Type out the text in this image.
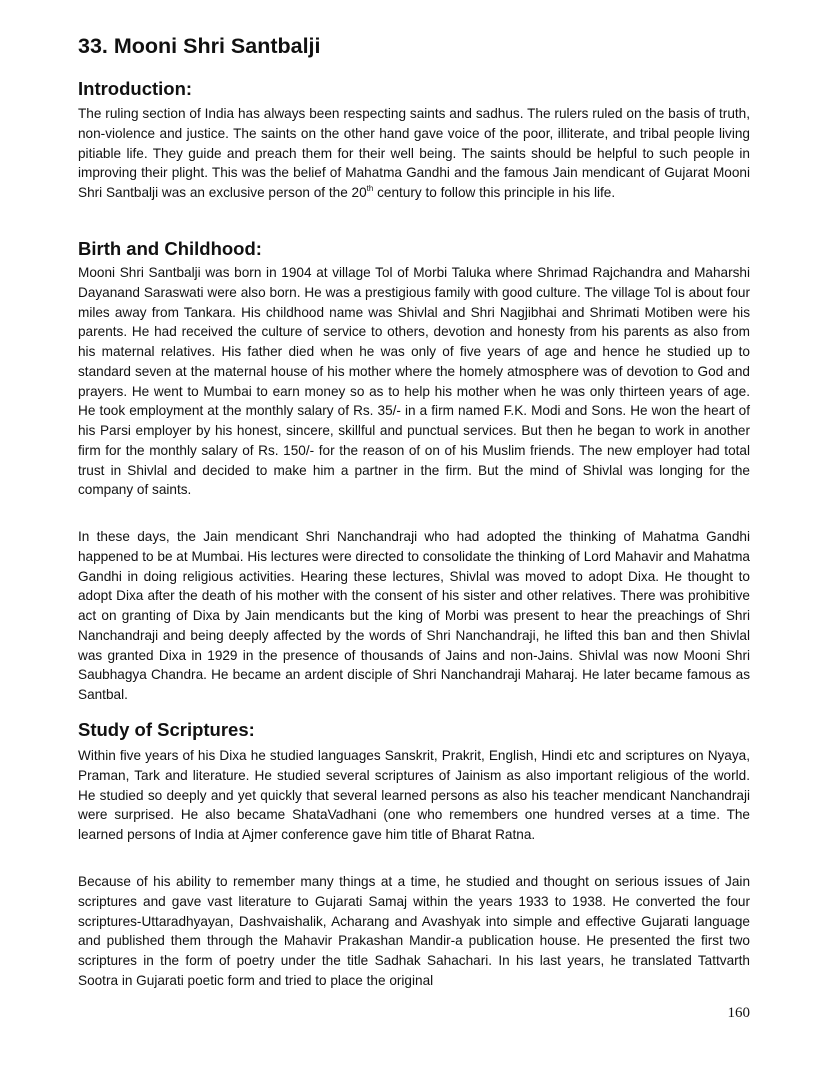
33. Mooni Shri Santbalji
Introduction:

The ruling section of India has always been respecting saints and sadhus. The rulers ruled on the basis of truth, non-violence and justice. The saints on the other hand gave voice of the poor, illiterate, and tribal people living pitiable life. They guide and preach them for their well being. The saints should be helpful to such people in improving their plight. This was the belief of Mahatma Gandhi and the famous Jain mendicant of Gujarat Mooni Shri Santbalji was an exclusive person of the 20th century to follow this principle in his life.

Birth and Childhood:

Mooni Shri Santbalji was born in 1904 at village Tol of Morbi Taluka where Shrimad Rajchandra and Maharshi Dayanand Saraswati were also born. He was a prestigious family with good culture. The village Tol is about four miles away from Tankara. His childhood name was Shivlal and Shri Nagjibhai and Shrimati Motiben were his parents. He had received the culture of service to others, devotion and honesty from his parents as also from his maternal relatives. His father died when he was only of five years of age and hence he studied up to standard seven at the maternal house of his mother where the homely atmosphere was of devotion to God and prayers. He went to Mumbai to earn money so as to help his mother when he was only thirteen years of age. He took employment at the monthly salary of Rs. 35/- in a firm named F.K. Modi and Sons. He won the heart of his Parsi employer by his honest, sincere, skillful and punctual services. But then he began to work in another firm for the monthly salary of Rs. 150/- for the reason of on of his Muslim friends. The new employer had total trust in Shivlal and decided to make him a partner in the firm. But the mind of Shivlal was longing for the company of saints.

In these days, the Jain mendicant Shri Nanchandraji who had adopted the thinking of Mahatma Gandhi happened to be at Mumbai. His lectures were directed to consolidate the thinking of Lord Mahavir and Mahatma Gandhi in doing religious activities. Hearing these lectures, Shivlal was moved to adopt Dixa. He thought to adopt Dixa after the death of his mother with the consent of his sister and other relatives. There was prohibitive act on granting of Dixa by Jain mendicants but the king of Morbi was present to hear the preachings of Shri Nanchandraji and being deeply affected by the words of Shri Nanchandraji, he lifted this ban and then Shivlal was granted Dixa in 1929 in the presence of thousands of Jains and non-Jains. Shivlal was now Mooni Shri Saubhagya Chandra. He became an ardent disciple of Shri Nanchandraji Maharaj. He later became famous as Santbal.

Study of Scriptures:

Within five years of his Dixa he studied languages Sanskrit, Prakrit, English, Hindi etc and scriptures on Nyaya, Praman, Tark and literature. He studied several scriptures of Jainism as also important religious of the world. He studied so deeply and yet quickly that several learned persons as also his teacher mendicant Nanchandraji were surprised. He also became ShataVadhani (one who remembers one hundred verses at a time. The learned persons of India at Ajmer conference gave him title of Bharat Ratna.

Because of his ability to remember many things at a time, he studied and thought on serious issues of Jain scriptures and gave vast literature to Gujarati Samaj within the years 1933 to 1938. He converted the four scriptures-Uttaradhyayan, Dashvaishalik, Acharang and Avashyak into simple and effective Gujarati language and published them through the Mahavir Prakashan Mandir-a publication house. He presented the first two scriptures in the form of poetry under the title Sadhak Sahachari. In his last years, he translated Tattvarth Sootra in Gujarati poetic form and tried to place the original

160
